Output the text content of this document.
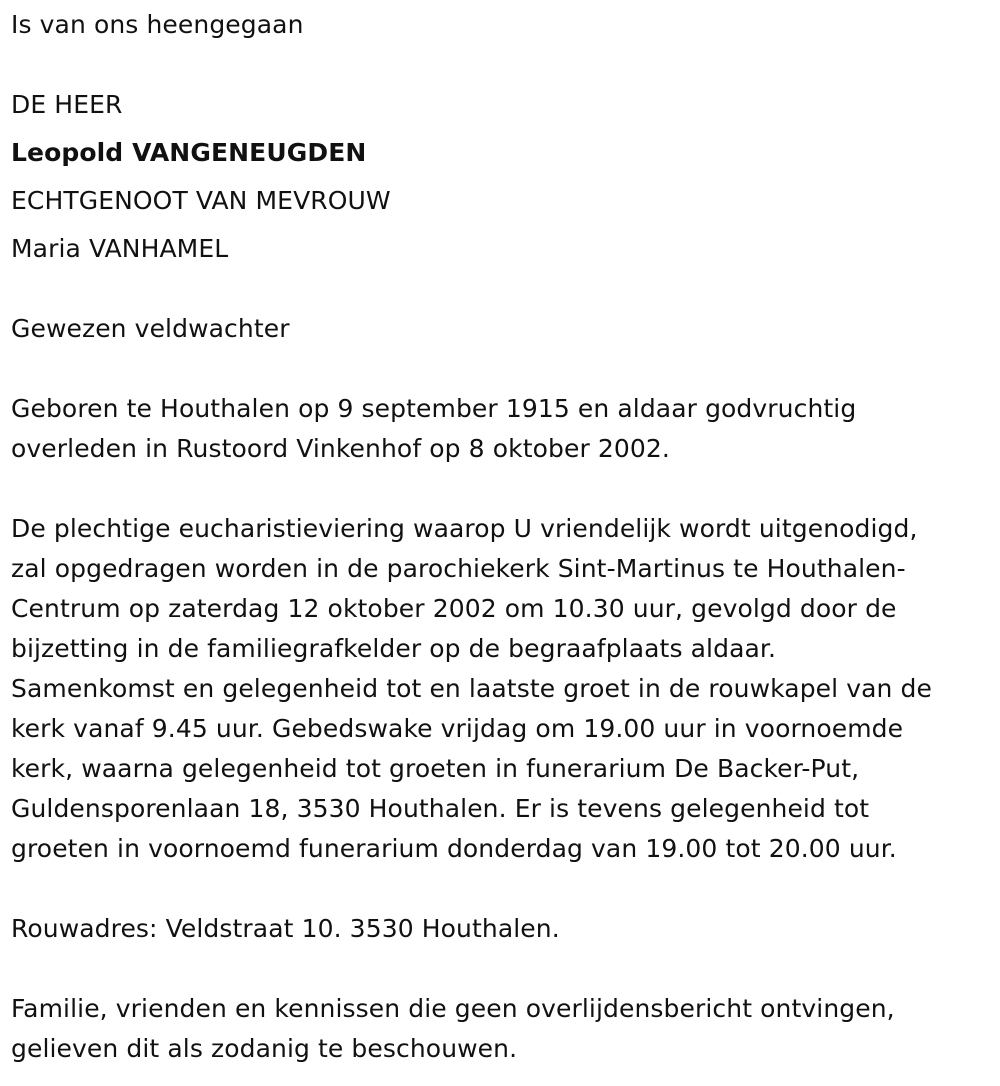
Is van ons heengegaan
DE HEER
Leopold VANGENEUGDEN
ECHTGENOOT VAN MEVROUW
Maria VANHAMEL
Gewezen veldwachter
Geboren te Houthalen op 9 september 1915 en aldaar godvruchtig
overleden in Rustoord Vinkenhof op 8 oktober 2002.
De plechtige eucharistieviering waarop U vriendelijk wordt uitgenodigd,
zal opgedragen worden in de parochiekerk Sint-Martinus te Houthalen-
Centrum op zaterdag 12 oktober 2002 om 10.30 uur, gevolgd door de
bijzetting in de familiegrafkelder op de begraafplaats aldaar.
Samenkomst en gelegenheid tot en laatste groet in de rouwkapel van de
kerk vanaf 9.45 uur. Gebedswake vrijdag om 19.00 uur in voornoemde
kerk, waarna gelegenheid tot groeten in funerarium De Backer-Put,
Guldensporenlaan 18, 3530 Houthalen. Er is tevens gelegenheid tot
groeten in voornoemd funerarium donderdag van 19.00 tot 20.00 uur.
Rouwadres: Veldstraat 10. 3530 Houthalen.
Familie, vrienden en kennissen die geen overlijdensbericht ontvingen,
gelieven dit als zodanig te beschouwen.
